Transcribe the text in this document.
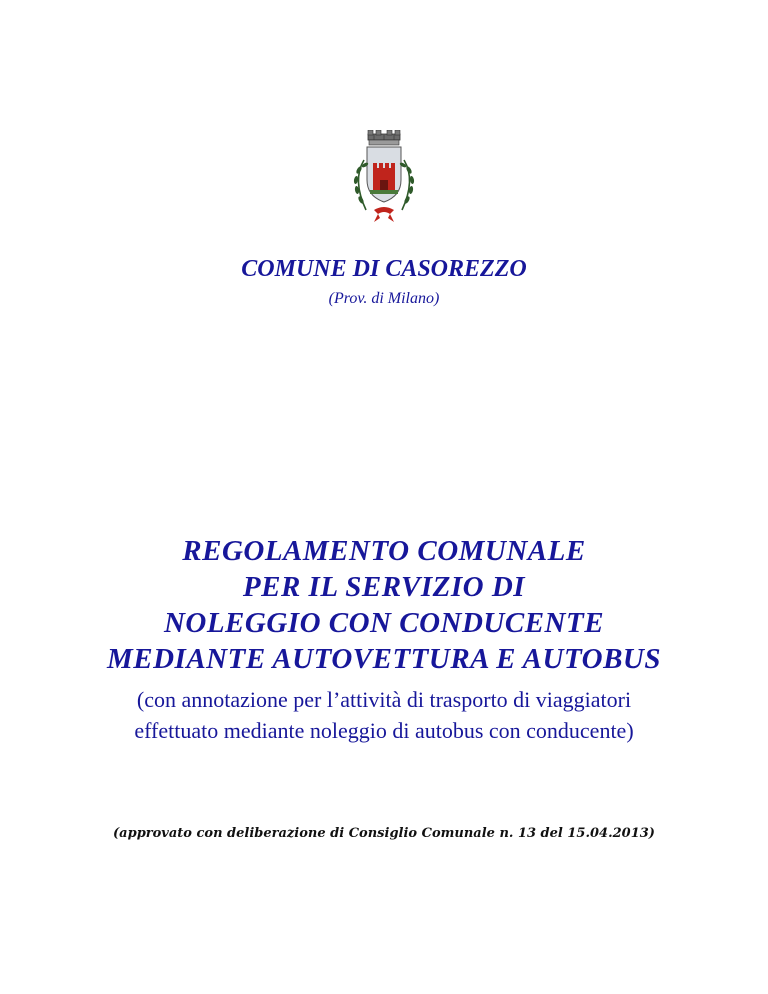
COMUNE DI CASOREZZO
(Prov. di Milano)
REGOLAMENTO COMUNALE
PER IL SERVIZIO DI
NOLEGGIO CON CONDUCENTE
MEDIANTE AUTOVETTURA E AUTOBUS
(con annotazione per l’attività di trasporto di viaggiatori
effettuato mediante noleggio di autobus con conducente)
(approvato con deliberazione di Consiglio Comunale n. 13 del 15.04.2013)
